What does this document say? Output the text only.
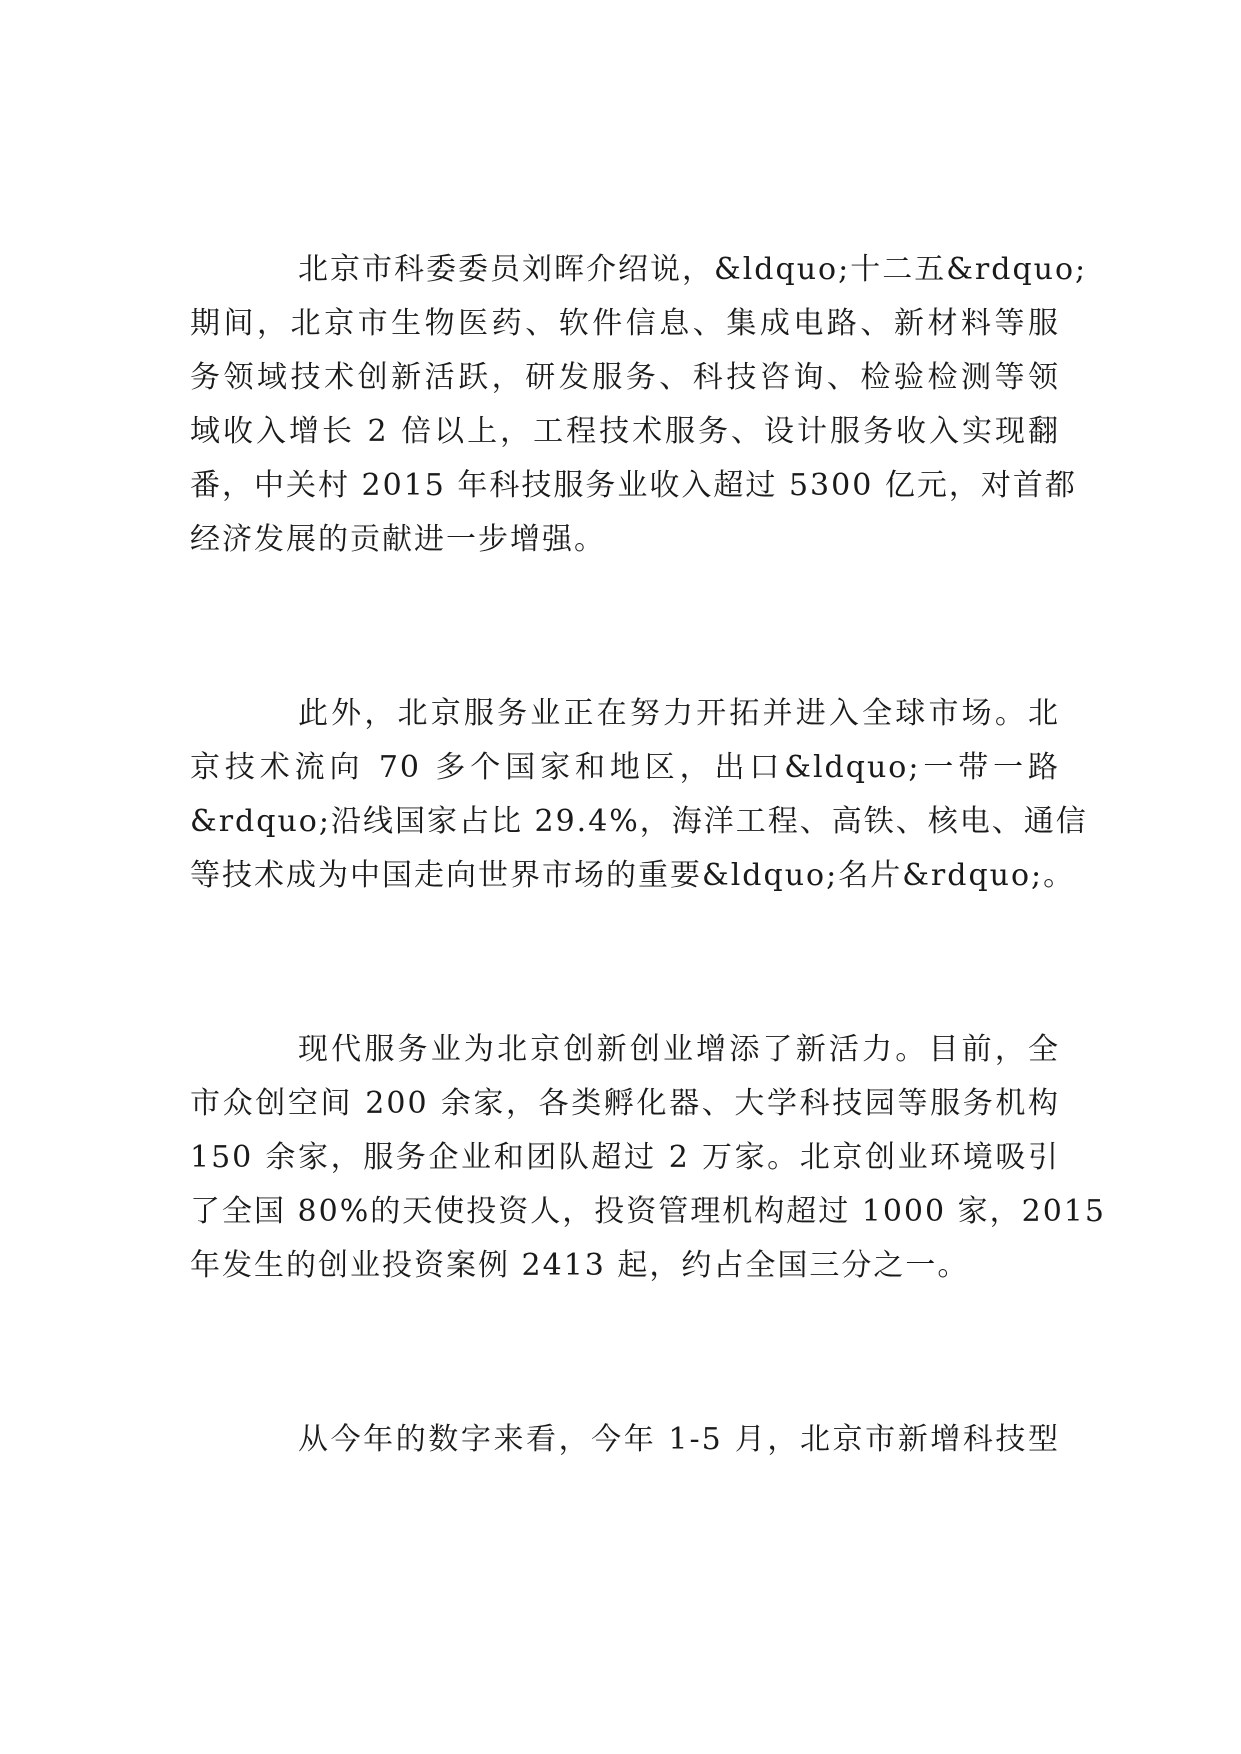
北京市科委委员刘晖介绍说，&ldquo;十二五&rdquo;
期间，北京市生物医药、软件信息、集成电路、新材料等服
务领域技术创新活跃，研发服务、科技咨询、检验检测等领
域收入增长 2 倍以上，工程技术服务、设计服务收入实现翻
番，中关村 2015 年科技服务业收入超过 5300 亿元，对首都
经济发展的贡献进一步增强。
此外，北京服务业正在努力开拓并进入全球市场。北
京技术流向 70 多个国家和地区，出口&ldquo;一带一路
&rdquo;沿线国家占比 29.4%，海洋工程、高铁、核电、通信
等技术成为中国走向世界市场的重要&ldquo;名片&rdquo;。
现代服务业为北京创新创业增添了新活力。目前，全
市众创空间 200 余家，各类孵化器、大学科技园等服务机构
150 余家，服务企业和团队超过 2 万家。北京创业环境吸引
了全国 80%的天使投资人，投资管理机构超过 1000 家，2015
年发生的创业投资案例 2413 起，约占全国三分之一。
从今年的数字来看，今年 1-5 月，北京市新增科技型
